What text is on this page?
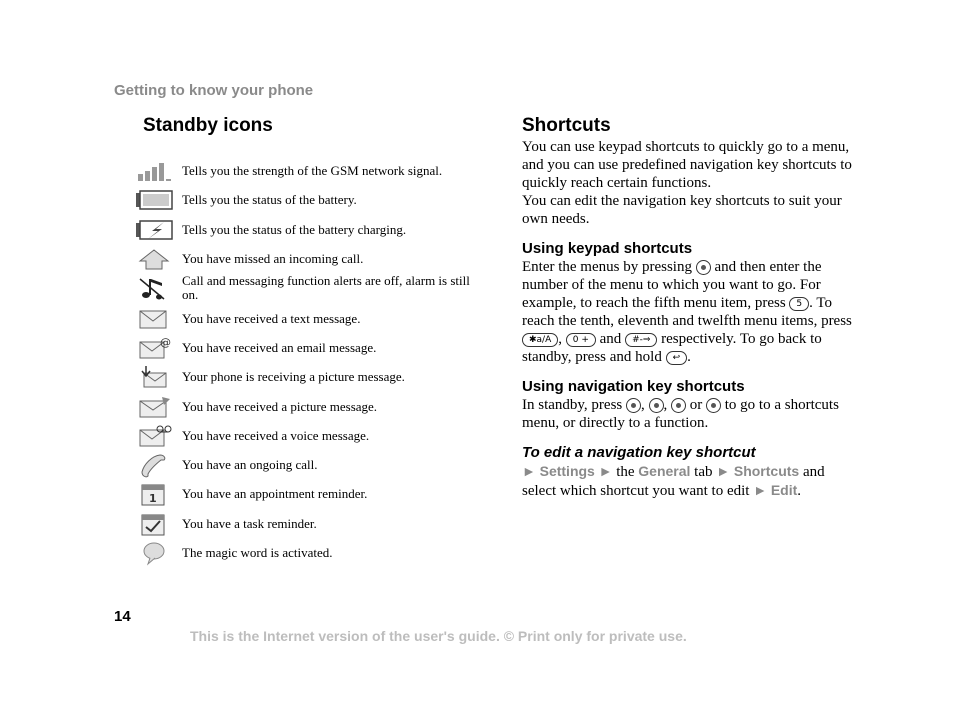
Getting to know your phone
Standby icons
Tells you the strength of the GSM network signal.
Tells you the status of the battery.
Tells you the status of the battery charging.
You have missed an incoming call.
Call and messaging function alerts are off, alarm is still on.
You have received a text message.
@ You have received an email message.
Your phone is receiving a picture message.
You have received a picture message.
You have received a voice message.
You have an ongoing call.
1 You have an appointment reminder.
You have a task reminder.
The magic word is activated.
Shortcuts
You can use keypad shortcuts to quickly go to a menu, and you can use predefined navigation key shortcuts to quickly reach certain functions.
You can edit the navigation key shortcuts to suit your own needs.
Using keypad shortcuts
Enter the menus by pressing and then enter the number of the menu to which you want to go. For example, to reach the fifth menu item, press 5 . To reach the tenth, eleventh and twelfth menu items, press ✱a/A , 0 + and #-⇒ respectively. To go back to standby, press and hold ↩ .
Using navigation key shortcuts
In standby, press , ,  or to go to a shortcuts menu, or directly to a function.
To edit a navigation key shortcut
► Settings ► the General tab ► Shortcuts and select which shortcut you want to edit ► Edit.
14
This is the Internet version of the user's guide. © Print only for private use.
